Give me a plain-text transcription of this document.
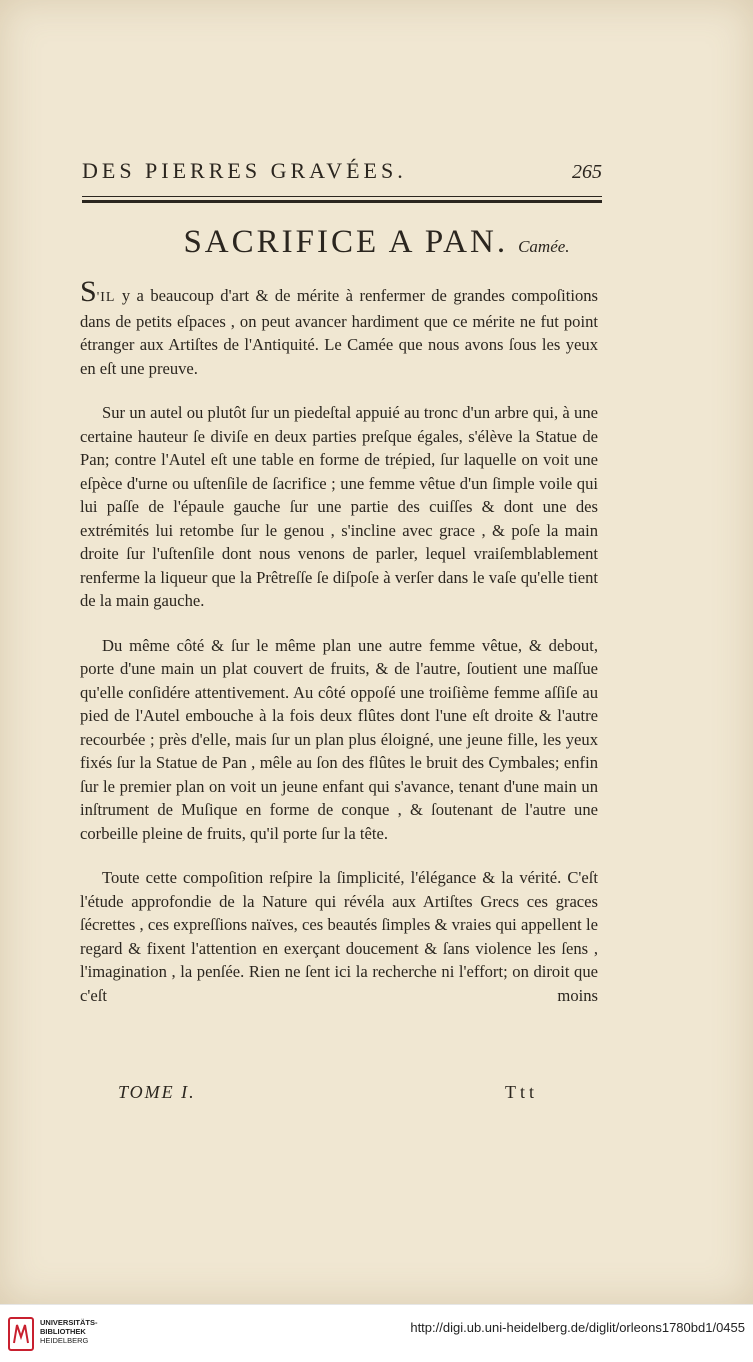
DES PIERRES GRAVÉES.	265
SACRIFICE A PAN. Camée.

S'IL y a beaucoup d'art & de mérite à renfermer de grandes compoſitions dans de petits eſpaces , on peut avancer hardiment que ce mérite ne fut point étranger aux Artiſtes de l'Antiquité. Le Camée que nous avons ſous les yeux en eſt une preuve.

Sur un autel ou plutôt ſur un piedeſtal appuié au tronc d'un arbre qui, à une certaine hauteur ſe diviſe en deux parties preſque égales, s'élève la Statue de Pan; contre l'Autel eſt une table en forme de trépied, ſur laquelle on voit une eſpèce d'urne ou uſtenſile de ſacrifice ; une femme vêtue d'un ſimple voile qui lui paſſe de l'épaule gauche ſur une partie des cuiſſes & dont une des extrémités lui retombe ſur le genou , s'incline avec grace , & poſe la main droite ſur l'uſtenſile dont nous venons de parler, lequel vraiſemblablement renferme la liqueur que la Prêtreſſe ſe diſpoſe à verſer dans le vaſe qu'elle tient de la main gauche.

Du même côté & ſur le même plan une autre femme vêtue, & debout, porte d'une main un plat couvert de fruits, & de l'autre, ſoutient une maſſue qu'elle conſidére attentivement. Au côté oppoſé une troiſième femme aſſiſe au pied de l'Autel embouche à la fois deux flûtes dont l'une eſt droite & l'autre recourbée ; près d'elle, mais ſur un plan plus éloigné, une jeune fille, les yeux fixés ſur la Statue de Pan , mêle au ſon des flûtes le bruit des Cymbales; enfin ſur le premier plan on voit un jeune enfant qui s'avance, tenant d'une main un inſtrument de Muſique en forme de conque , & ſoutenant de l'autre une corbeille pleine de fruits, qu'il porte ſur la tête.

Toute cette compoſition reſpire la ſimplicité, l'élégance & la vérité. C'eſt l'étude approfondie de la Nature qui révéla aux Artiſtes Grecs ces graces ſécrettes , ces expreſſions naïves, ces beautés ſimples & vraies qui appellent le regard & fixent l'attention en exerçant doucement & ſans violence les ſens , l'imagination , la penſée. Rien ne ſent ici la recherche ni l'effort; on diroit que c'eſt moins

TOME I.	Ttt
UNIVERSITÄTS-
BIBLIOTHEK
HEIDELBERG
http://digi.ub.uni-heidelberg.de/diglit/orleons1780bd1/0455
